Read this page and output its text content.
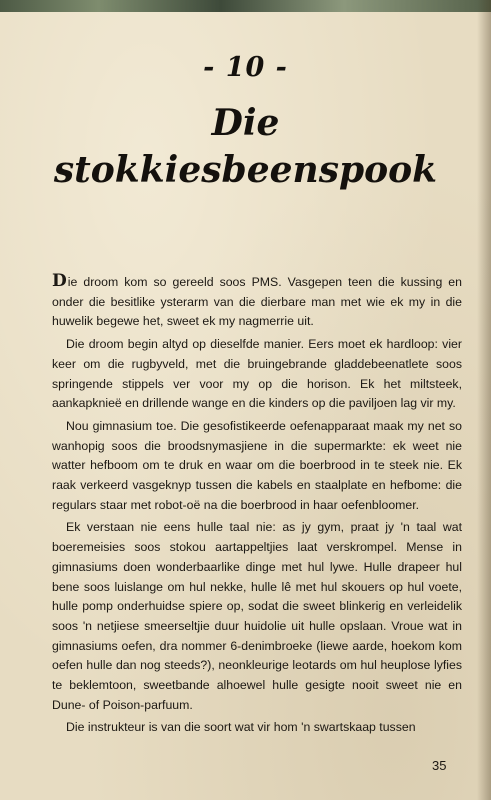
- 10 -
Die
stokkiesbeenspook

Die droom kom so gereeld soos PMS. Vasgepen teen die kussing en onder die besitlike ysterarm van die dierbare man met wie ek my in die huwelik begewe het, sweet ek my nagmerrie uit.

Die droom begin altyd op dieselfde manier. Eers moet ek hardloop: vier keer om die rugbyveld, met die bruingebrande gladdebeenatlete soos springende stippels ver voor my op die horison. Ek het miltsteek, aankapknieë en drillende wange en die kinders op die paviljoen lag vir my.

Nou gimnasium toe. Die gesofistikeerde oefenapparaat maak my net so wanhopig soos die broodsnymasjiene in die supermarkte: ek weet nie watter hefboom om te druk en waar om die boerbrood in te steek nie. Ek raak verkeerd vasgeknyp tussen die kabels en staalplate en hefbome: die regulars staar met robot-oë na die boerbrood in haar oefenbloomer.

Ek verstaan nie eens hulle taal nie: as jy gym, praat jy 'n taal wat boeremeisies soos stokou aartappeltjies laat verskrompel. Mense in gimnasiums doen wonderbaarlike dinge met hul lywe. Hulle drapeer hul bene soos luislange om hul nekke, hulle lê met hul skouers op hul voete, hulle pomp onderhuidse spiere op, sodat die sweet blinkerig en verleidelik soos 'n netjiese smeerseltjie duur huidolie uit hulle opslaan. Vroue wat in gimnasiums oefen, dra nommer 6-denimbroeke (liewe aarde, hoekom kom oefen hulle dan nog steeds?), neonkleurige leotards om hul heuplose lyfies te beklemtoon, sweetbande alhoewel hulle gesigte nooit sweet nie en Dune- of Poison-parfuum.

Die instrukteur is van die soort wat vir hom 'n swartskaap tussen

35
